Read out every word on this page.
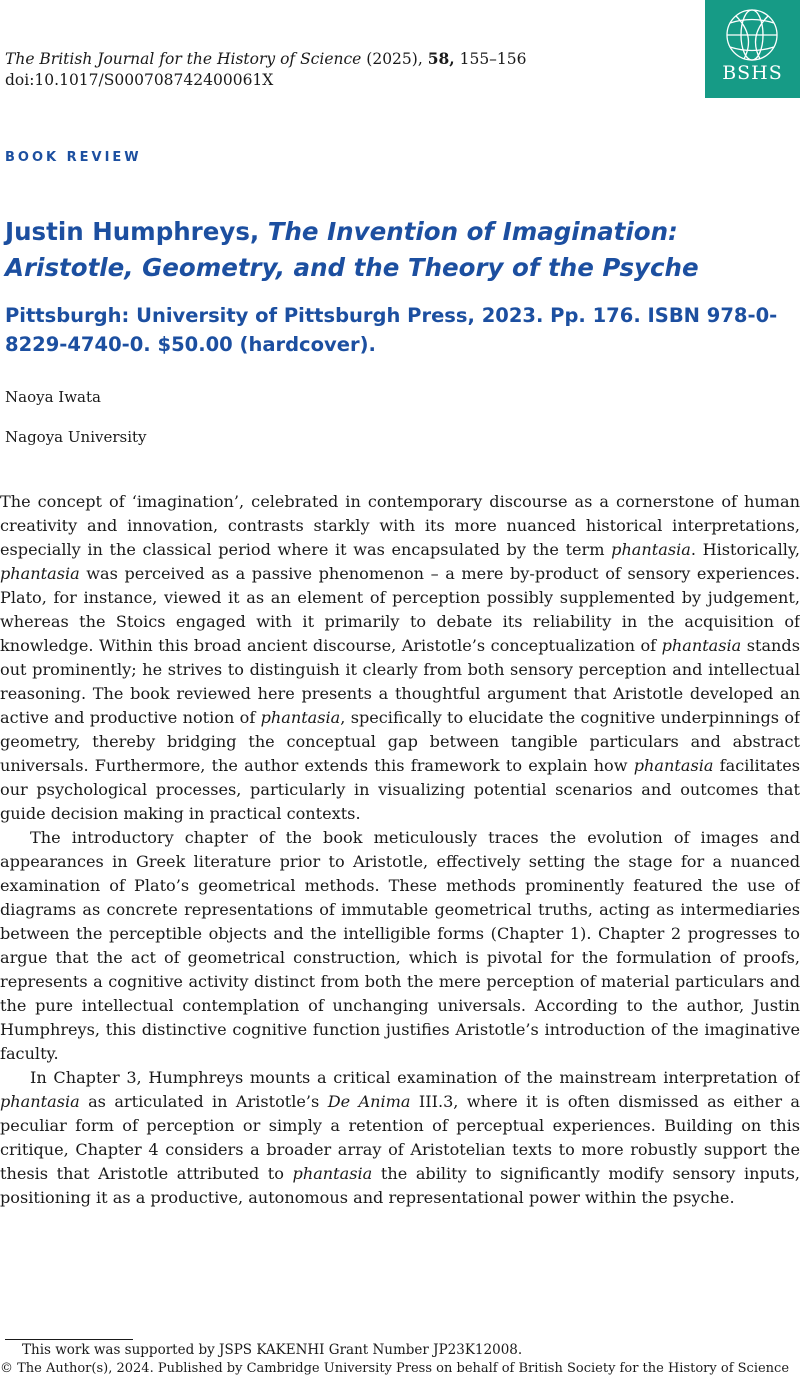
The British Journal for the History of Science (2025), 58, 155–156
doi:10.1017/S000708742400061X	BSHS
BOOK REVIEW
Justin Humphreys, The Invention of Imagination: Aristotle, Geometry, and the Theory of the Psyche
Pittsburgh: University of Pittsburgh Press, 2023. Pp. 176. ISBN 978-0-8229-4740-0. $50.00 (hardcover).
Naoya Iwata
Nagoya University

The concept of ‘imagination’, celebrated in contemporary discourse as a cornerstone of human creativity and innovation, contrasts starkly with its more nuanced historical interpretations, especially in the classical period where it was encapsulated by the term phantasia. Historically, phantasia was perceived as a passive phenomenon – a mere by-product of sensory experiences. Plato, for instance, viewed it as an element of perception possibly supplemented by judgement, whereas the Stoics engaged with it primarily to debate its reliability in the acquisition of knowledge. Within this broad ancient discourse, Aristotle’s conceptualization of phantasia stands out prominently; he strives to distinguish it clearly from both sensory perception and intellectual reasoning. The book reviewed here presents a thoughtful argument that Aristotle developed an active and productive notion of phantasia, specifically to elucidate the cognitive underpinnings of geometry, thereby bridging the conceptual gap between tangible particulars and abstract universals. Furthermore, the author extends this framework to explain how phantasia facilitates our psychological processes, particularly in visualizing potential scenarios and outcomes that guide decision making in practical contexts.

The introductory chapter of the book meticulously traces the evolution of images and appearances in Greek literature prior to Aristotle, effectively setting the stage for a nuanced examination of Plato’s geometrical methods. These methods prominently featured the use of diagrams as concrete representations of immutable geometrical truths, acting as intermediaries between the perceptible objects and the intelligible forms (Chapter 1). Chapter 2 progresses to argue that the act of geometrical construction, which is pivotal for the formulation of proofs, represents a cognitive activity distinct from both the mere perception of material particulars and the pure intellectual contemplation of unchanging universals. According to the author, Justin Humphreys, this distinctive cognitive function justifies Aristotle’s introduction of the imaginative faculty.

In Chapter 3, Humphreys mounts a critical examination of the mainstream interpretation of phantasia as articulated in Aristotle’s De Anima III.3, where it is often dismissed as either a peculiar form of perception or simply a retention of perceptual experiences. Building on this critique, Chapter 4 considers a broader array of Aristotelian texts to more robustly support the thesis that Aristotle attributed to phantasia the ability to significantly modify sensory inputs, positioning it as a productive, autonomous and representational power within the psyche.

This work was supported by JSPS KAKENHI Grant Number JP23K12008.
© The Author(s), 2024. Published by Cambridge University Press on behalf of British Society for the History of Science
